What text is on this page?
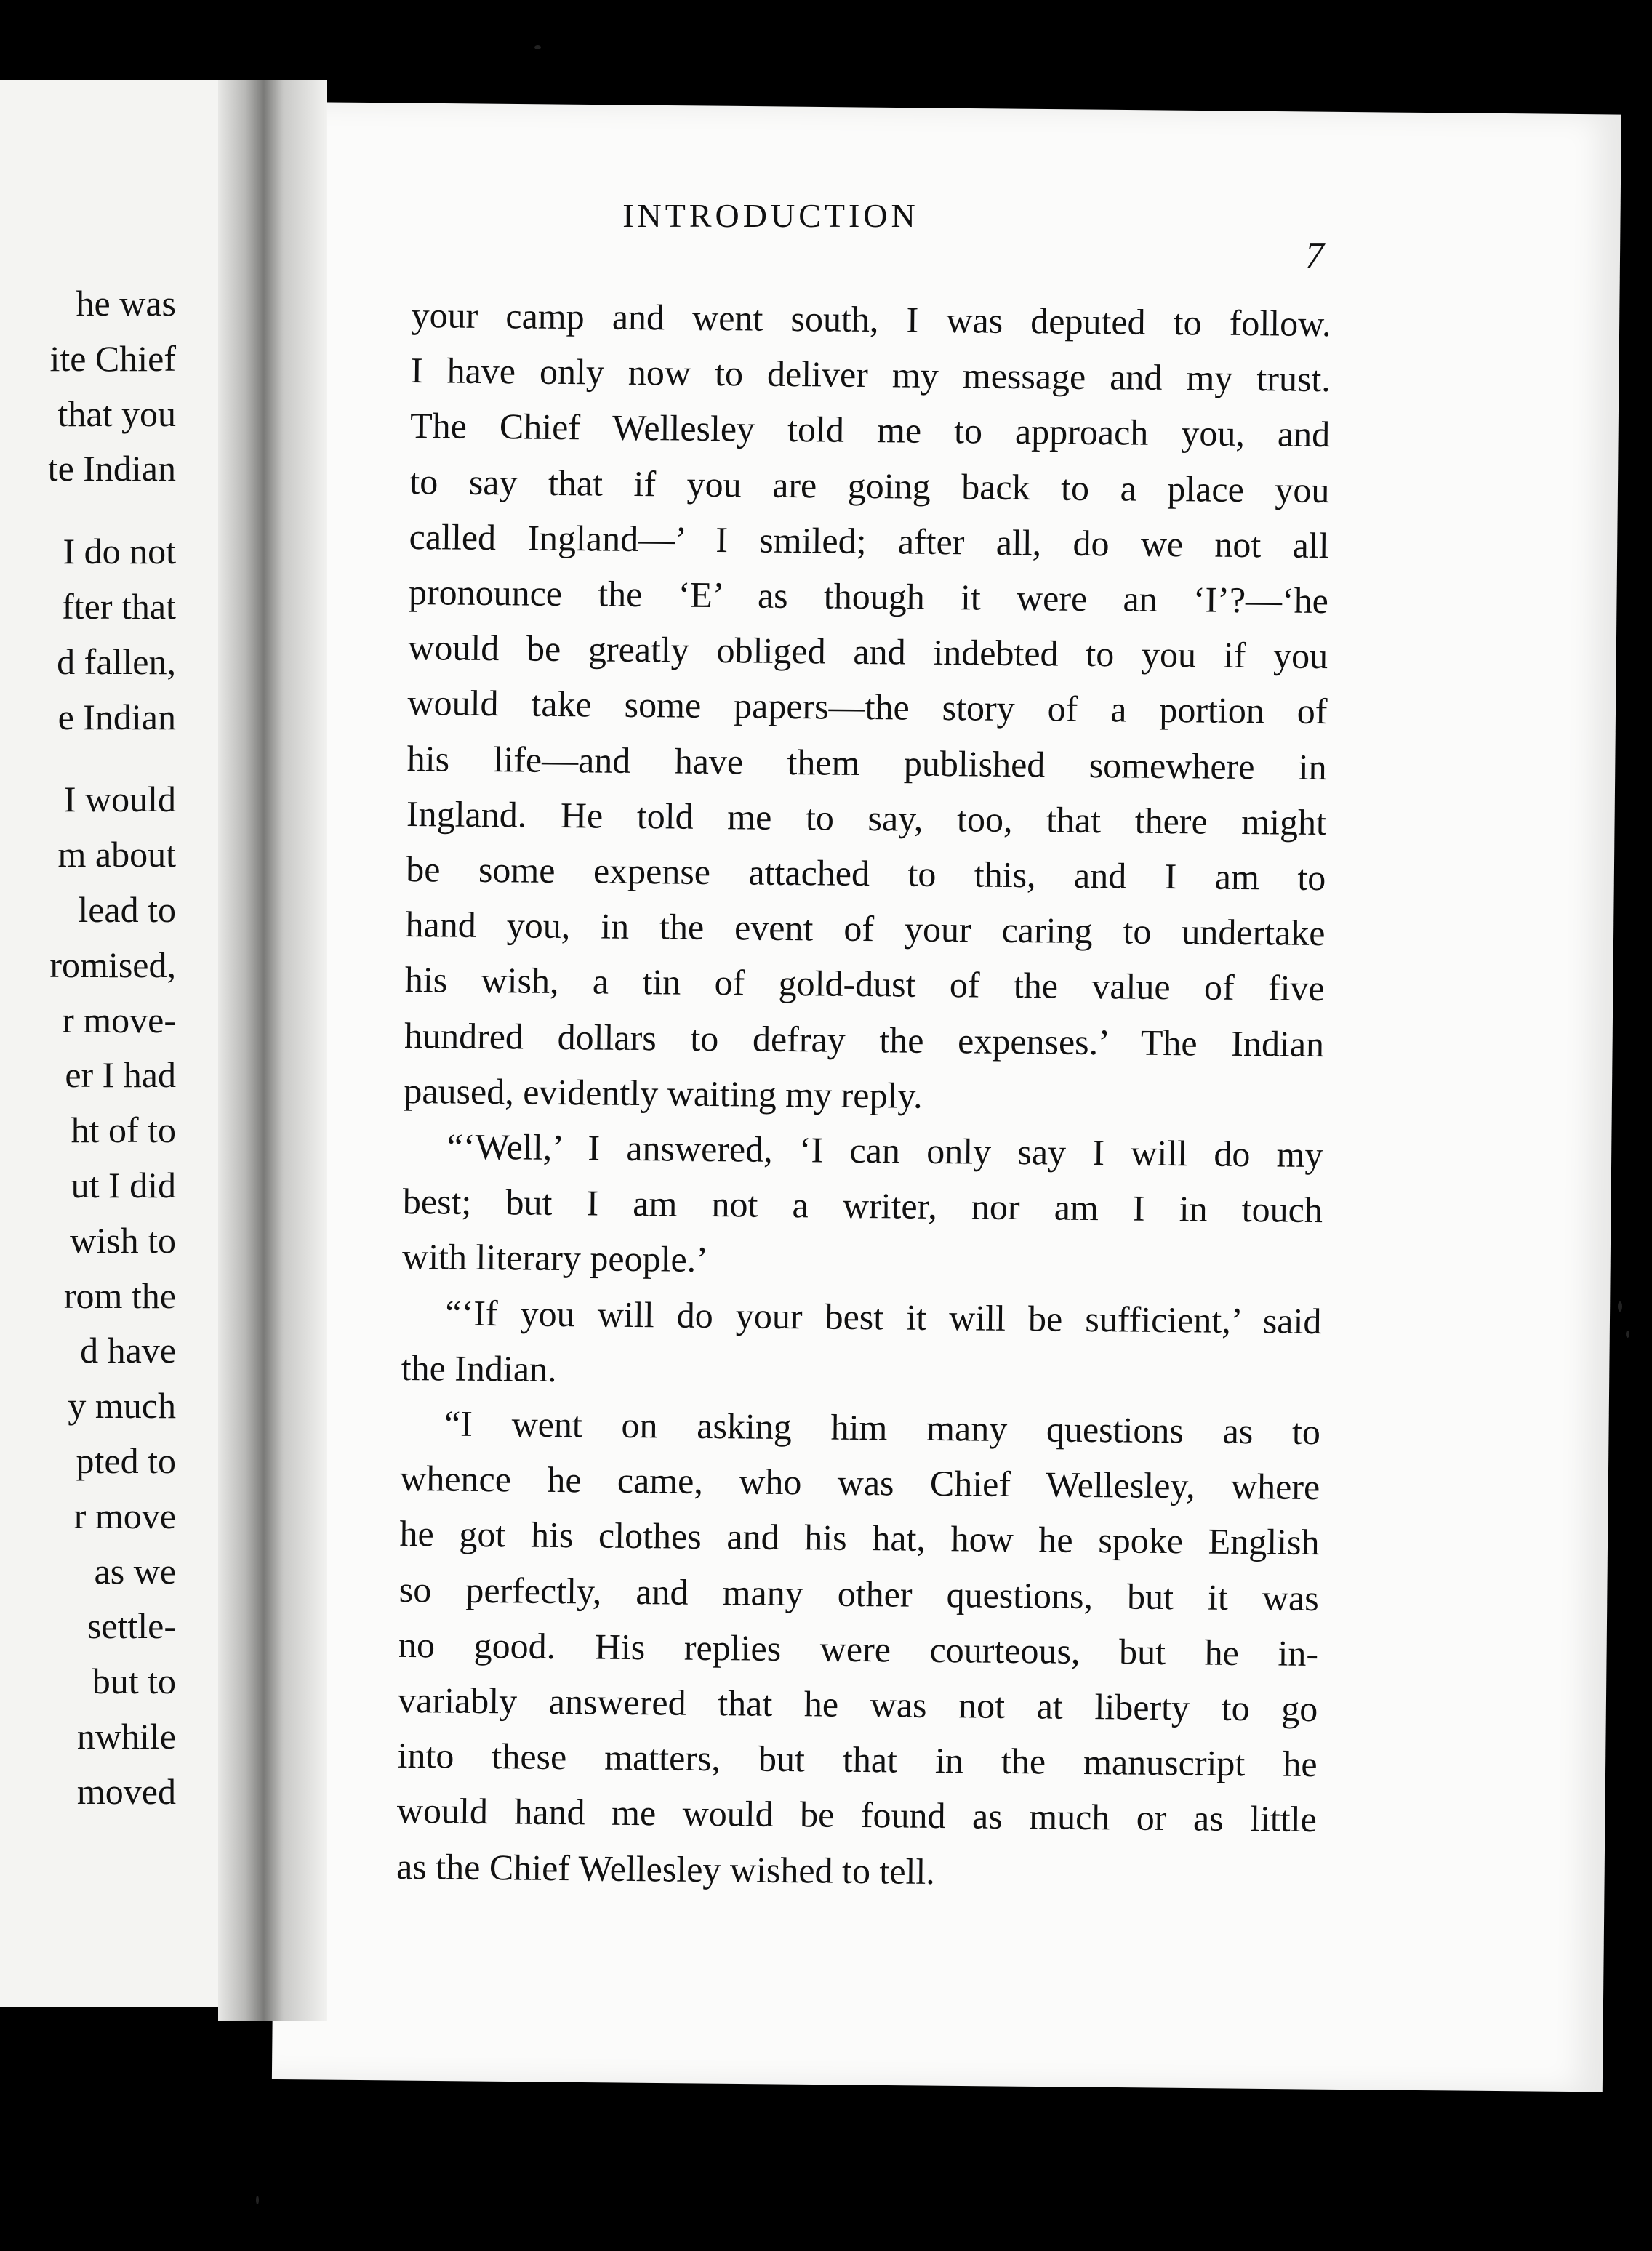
he was
ite Chief
that you
te Indian
I do not
fter that
d fallen,
e Indian
I would
m about
lead to
romised,
r move-
er I had
ht of to
ut I did
wish to
rom the
d have
y much
pted to
r move
as we
settle-
but to
nwhile
moved
INTRODUCTION
7
your camp and went south, I was deputed to follow.
I have only now to deliver my message and my trust.
The Chief Wellesley told me to approach you, and
to say that if you are going back to a place you
called Ingland—’ I smiled; after all, do we not all
pronounce the ‘E’ as though it were an ‘I’?—‘he
would be greatly obliged and indebted to you if you
would take some papers—the story of a portion of
his life—and have them published somewhere in
Ingland. He told me to say, too, that there might
be some expense attached to this, and I am to
hand you, in the event of your caring to undertake
his wish, a tin of gold-dust of the value of five
hundred dollars to defray the expenses.’ The Indian
paused, evidently waiting my reply.
“‘Well,’ I answered, ‘I can only say I will do my
best; but I am not a writer, nor am I in touch
with literary people.’
“‘If you will do your best it will be sufficient,’ said
the Indian.
“I went on asking him many questions as to
whence he came, who was Chief Wellesley, where
he got his clothes and his hat, how he spoke English
so perfectly, and many other questions, but it was
no good. His replies were courteous, but he in-
variably answered that he was not at liberty to go
into these matters, but that in the manuscript he
would hand me would be found as much or as little
as the Chief Wellesley wished to tell.
